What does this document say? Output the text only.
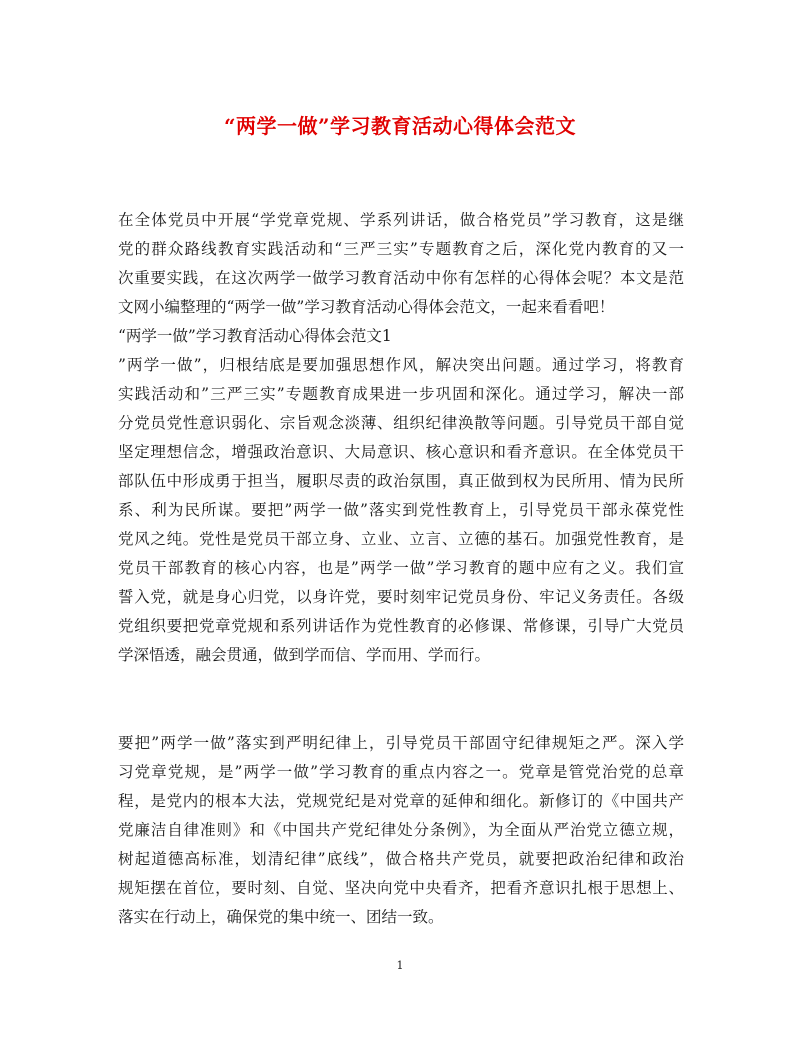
“两学一做”学习教育活动心得体会范文
在全体党员中开展“学党章党规、学系列讲话，做合格党员”学习教育，这是继
党的群众路线教育实践活动和“三严三实”专题教育之后，深化党内教育的又一
次重要实践，在这次两学一做学习教育活动中你有怎样的心得体会呢？本文是范
文网小编整理的“两学一做”学习教育活动心得体会范文，一起来看看吧！
“两学一做”学习教育活动心得体会范文1
”两学一做”，归根结底是要加强思想作风，解决突出问题。通过学习，将教育
实践活动和”三严三实”专题教育成果进一步巩固和深化。通过学习，解决一部
分党员党性意识弱化、宗旨观念淡薄、组织纪律涣散等问题。引导党员干部自觉
坚定理想信念，增强政治意识、大局意识、核心意识和看齐意识。在全体党员干
部队伍中形成勇于担当，履职尽责的政治氛围，真正做到权为民所用、情为民所
系、利为民所谋。要把”两学一做”落实到党性教育上，引导党员干部永葆党性
党风之纯。党性是党员干部立身、立业、立言、立德的基石。加强党性教育，是
党员干部教育的核心内容，也是”两学一做”学习教育的题中应有之义。我们宣
誓入党，就是身心归党，以身许党，要时刻牢记党员身份、牢记义务责任。各级
党组织要把党章党规和系列讲话作为党性教育的必修课、常修课，引导广大党员
学深悟透，融会贯通，做到学而信、学而用、学而行。
要把”两学一做”落实到严明纪律上，引导党员干部固守纪律规矩之严。深入学
习党章党规，是”两学一做”学习教育的重点内容之一。党章是管党治党的总章
程，是党内的根本大法，党规党纪是对党章的延伸和细化。新修订的《中国共产
党廉洁自律准则》和《中国共产党纪律处分条例》，为全面从严治党立德立规，
树起道德高标准，划清纪律”底线”，做合格共产党员，就要把政治纪律和政治
规矩摆在首位，要时刻、自觉、坚决向党中央看齐，把看齐意识扎根于思想上、
落实在行动上，确保党的集中统一、团结一致。
1
